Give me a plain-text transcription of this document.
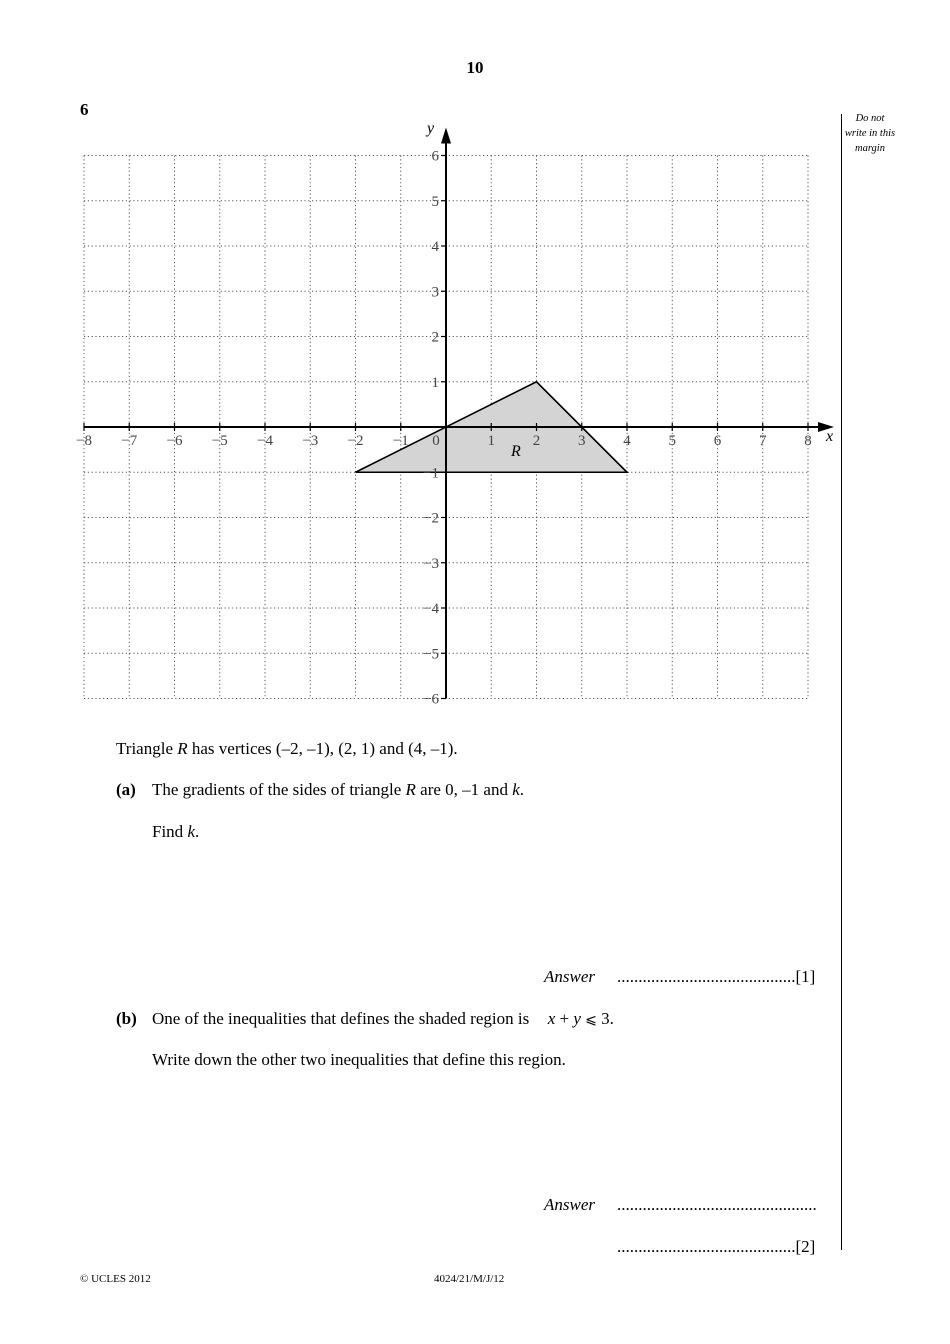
10
6	Do not
write in this
margin
−8 −7 −6 −5 −4 −3 −2 −1 0	1	2	3	4	5	6	7	8
−6
−5
−4
−3
−2
−1
1
2
3
4
5
6
x
y
R
Triangle R has vertices (–2, –1), (2, 1) and (4, –1).
(a) The gradients of the sides of triangle R are 0, –1 and k.
Find k.
Answer ..........................................[1]
(b) One of the inequalities that defines the shaded region is x + y ⩽ 3.
Write down the other two inequalities that define this region.
Answer ...............................................
..........................................[2]
© UCLES 2012	4024/21/M/J/12
